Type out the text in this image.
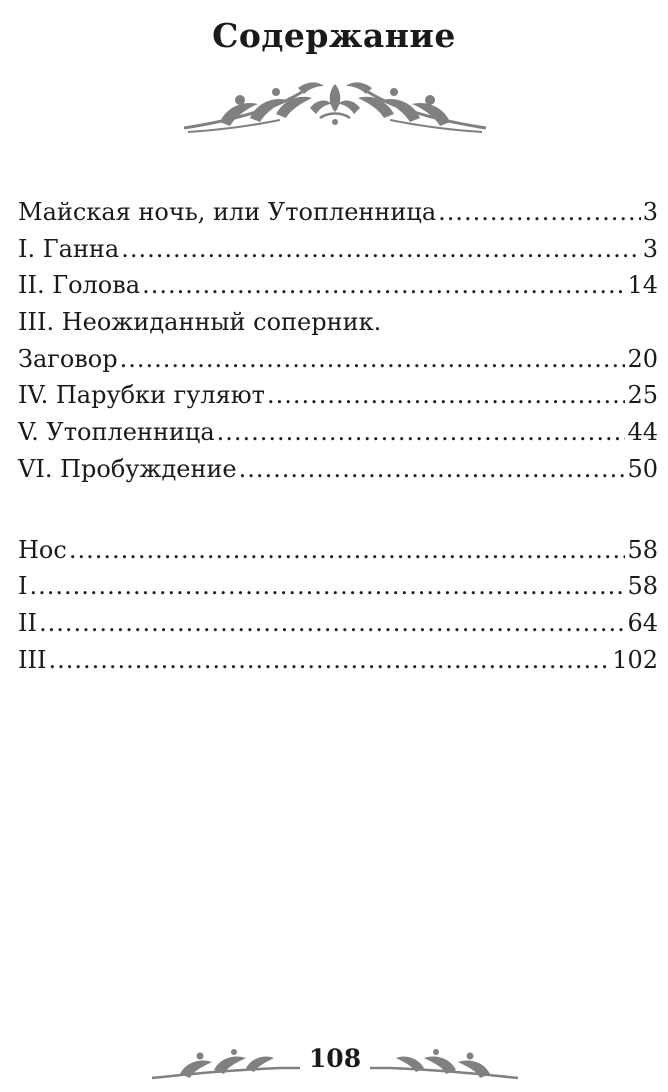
Содержание
Майская ночь, или Утопленница .....	3
I. Ганна .....	3
II. Голова .....	14
III. Неожиданный соперник.
Заговор .....	20
IV. Парубки гуляют .....	25
V. Утопленница .....	44
VI. Пробуждение .....	50
Нос .....	58
I .....	58
II .....	64
III .....	102
108
